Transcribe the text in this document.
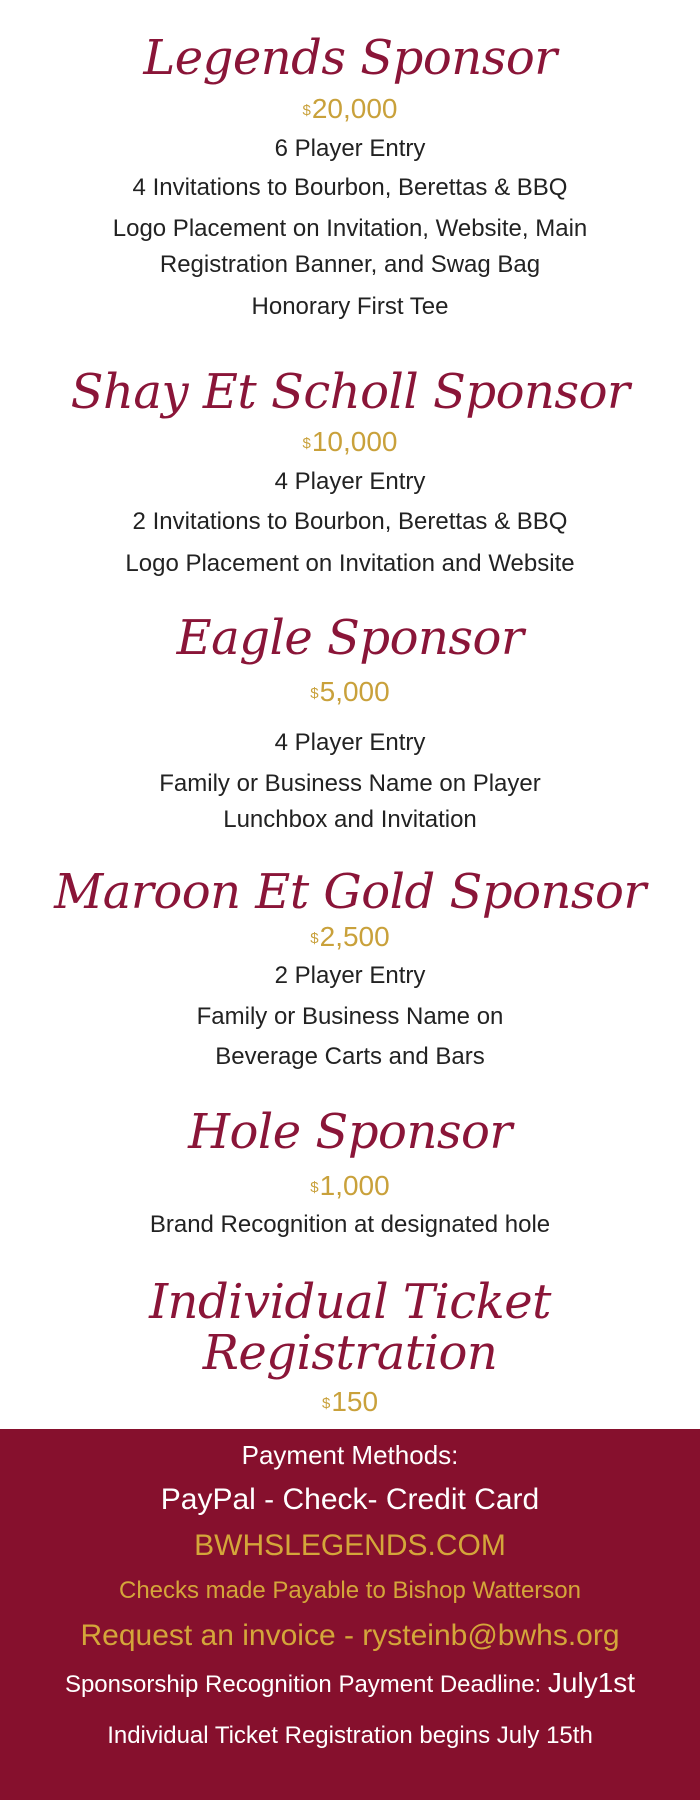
Legends Sponsor
$20,000
6 Player Entry
4 Invitations to Bourbon, Berettas & BBQ
Logo Placement on Invitation, Website, Main
Registration Banner, and Swag Bag
Honorary First Tee
Shay Et Scholl Sponsor
$10,000
4 Player Entry
2 Invitations to Bourbon, Berettas & BBQ
Logo Placement on Invitation and Website
Eagle Sponsor
$5,000
4 Player Entry
Family or Business Name on Player
Lunchbox and Invitation
Maroon Et Gold Sponsor
$2,500
2 Player Entry
Family or Business Name on
Beverage Carts and Bars
Hole Sponsor
$1,000
Brand Recognition at designated hole
Individual Ticket
Registration
$150
Payment Methods:
PayPal - Check- Credit Card
BWHSLEGENDS.COM
Checks made Payable to Bishop Watterson
Request an invoice - rysteinb@bwhs.org
Sponsorship Recognition Payment Deadline: July1st
Individual Ticket Registration begins July 15th
